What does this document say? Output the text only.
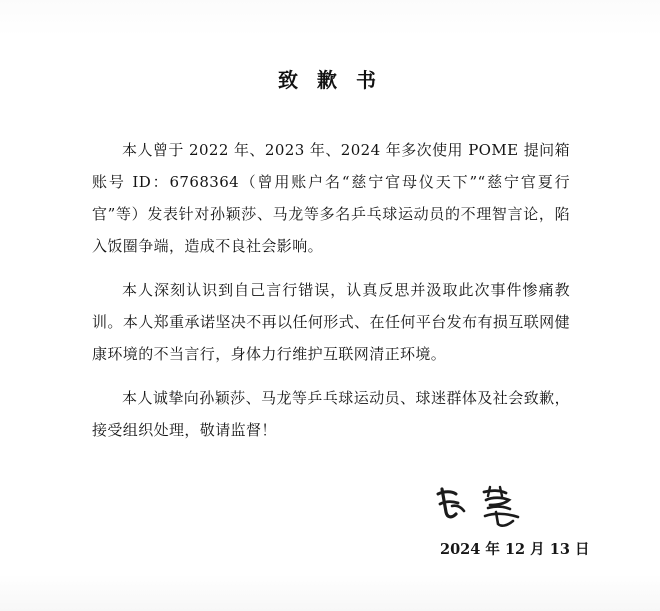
致 歉 书

本人曾于 2022 年、2023 年、2024 年多次使用 POME 提问箱账号 ID：6768364（曾用账户名“慈宁官母仪天下”“慈宁官夏行官”等）发表针对孙颖莎、马龙等多名乒乓球运动员的不理智言论，陷入饭圈争端，造成不良社会影响。

本人深刻认识到自己言行错误，认真反思并汲取此次事件惨痛教训。本人郑重承诺坚决不再以任何形式、在任何平台发布有损互联网健康环境的不当言行，身体力行维护互联网清正环境。

本人诚挚向孙颖莎、马龙等乒乓球运动员、球迷群体及社会致歉，接受组织处理，敬请监督！

2024 年 12 月 13 日
